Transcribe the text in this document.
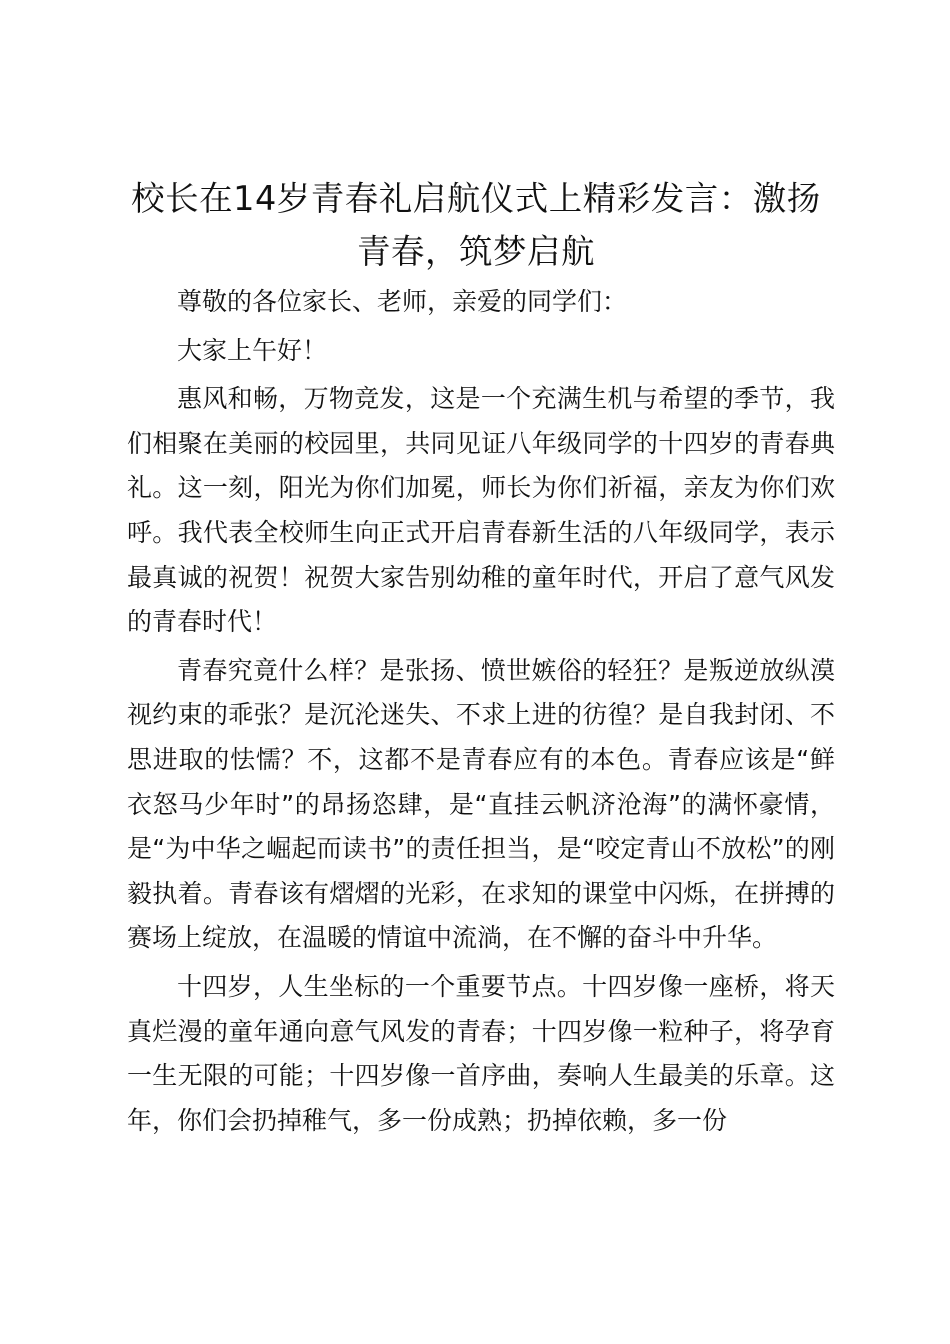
校长在14岁青春礼启航仪式上精彩发言：激扬青春，筑梦启航

尊敬的各位家长、老师，亲爱的同学们：

大家上午好！

惠风和畅，万物竞发，这是一个充满生机与希望的季节，我们相聚在美丽的校园里，共同见证八年级同学的十四岁的青春典礼。这一刻，阳光为你们加冕，师长为你们祈福，亲友为你们欢呼。我代表全校师生向正式开启青春新生活的八年级同学，表示最真诚的祝贺！祝贺大家告别幼稚的童年时代，开启了意气风发的青春时代！

青春究竟什么样？是张扬、愤世嫉俗的轻狂？是叛逆放纵漠视约束的乖张？是沉沦迷失、不求上进的彷徨？是自我封闭、不思进取的怯懦？不，这都不是青春应有的本色。青春应该是“鲜衣怒马少年时”的昂扬恣肆，是“直挂云帆济沧海”的满怀豪情，是“为中华之崛起而读书”的责任担当，是“咬定青山不放松”的刚毅执着。青春该有熠熠的光彩，在求知的课堂中闪烁，在拼搏的赛场上绽放，在温暖的情谊中流淌，在不懈的奋斗中升华。

十四岁，人生坐标的一个重要节点。十四岁像一座桥，将天真烂漫的童年通向意气风发的青春；十四岁像一粒种子，将孕育一生无限的可能；十四岁像一首序曲，奏响人生最美的乐章。这年，你们会扔掉稚气，多一份成熟；扔掉依赖，多一份
